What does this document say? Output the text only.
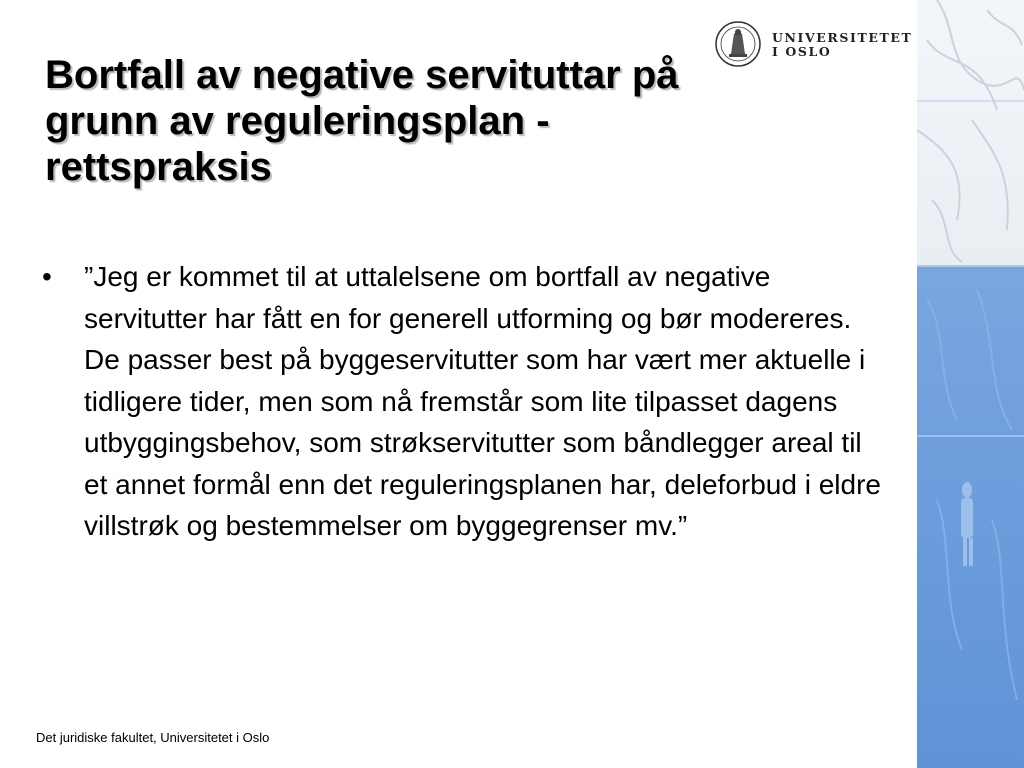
UNIVERSITETET
I OSLO
Bortfall av negative servituttar på grunn av reguleringsplan - rettspraksis
• ”Jeg er kommet til at uttalelsene om bortfall av negative servitutter har fått en for generell utforming og bør modereres. De passer best på byggeservitutter som har vært mer aktuelle i tidligere tider, men som nå fremstår som lite tilpasset dagens utbyggingsbehov, som strøkservitutter som båndlegger areal til et annet formål enn det reguleringsplanen har, deleforbud i eldre villstrøk og bestemmelser om byggegrenser mv.”

Det juridiske fakultet, Universitetet i Oslo
